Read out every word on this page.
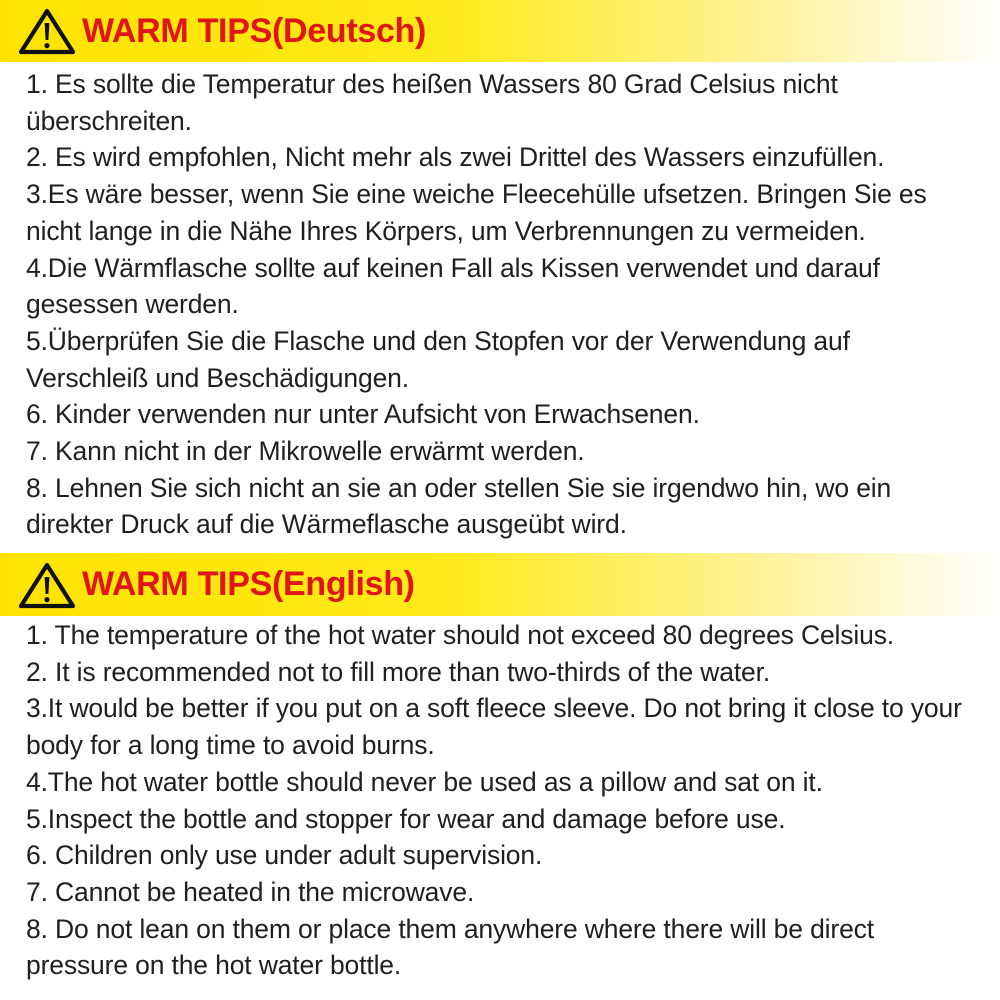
WARM TIPS(Deutsch)
1. Es sollte die Temperatur des heißen Wassers 80 Grad Celsius nicht überschreiten.
2. Es wird empfohlen, Nicht mehr als zwei Drittel des Wassers einzufüllen.
3.Es wäre besser, wenn Sie eine weiche Fleecehülle ufsetzen. Bringen Sie es nicht lange in die Nähe Ihres Körpers, um Verbrennungen zu vermeiden.
4.Die Wärmflasche sollte auf keinen Fall als Kissen verwendet und darauf gesessen werden.
5.Überprüfen Sie die Flasche und den Stopfen vor der Verwendung auf Verschleiß und Beschädigungen.
6. Kinder verwenden nur unter Aufsicht von Erwachsenen.
7. Kann nicht in der Mikrowelle erwärmt werden.
8. Lehnen Sie sich nicht an sie an oder stellen Sie sie irgendwo hin, wo ein direkter Druck auf die Wärmeflasche ausgeübt wird.
WARM TIPS(English)
1. The temperature of the hot water should not exceed 80 degrees Celsius.
2. It is recommended not to fill more than two-thirds of the water.
3.It would be better if you put on a soft fleece sleeve. Do not bring it close to your body for a long time to avoid burns.
4.The hot water bottle should never be used as a pillow and sat on it.
5.Inspect the bottle and stopper for wear and damage before use.
6. Children only use under adult supervision.
7. Cannot be heated in the microwave.
8. Do not lean on them or place them anywhere where there will be direct pressure on the hot water bottle.
